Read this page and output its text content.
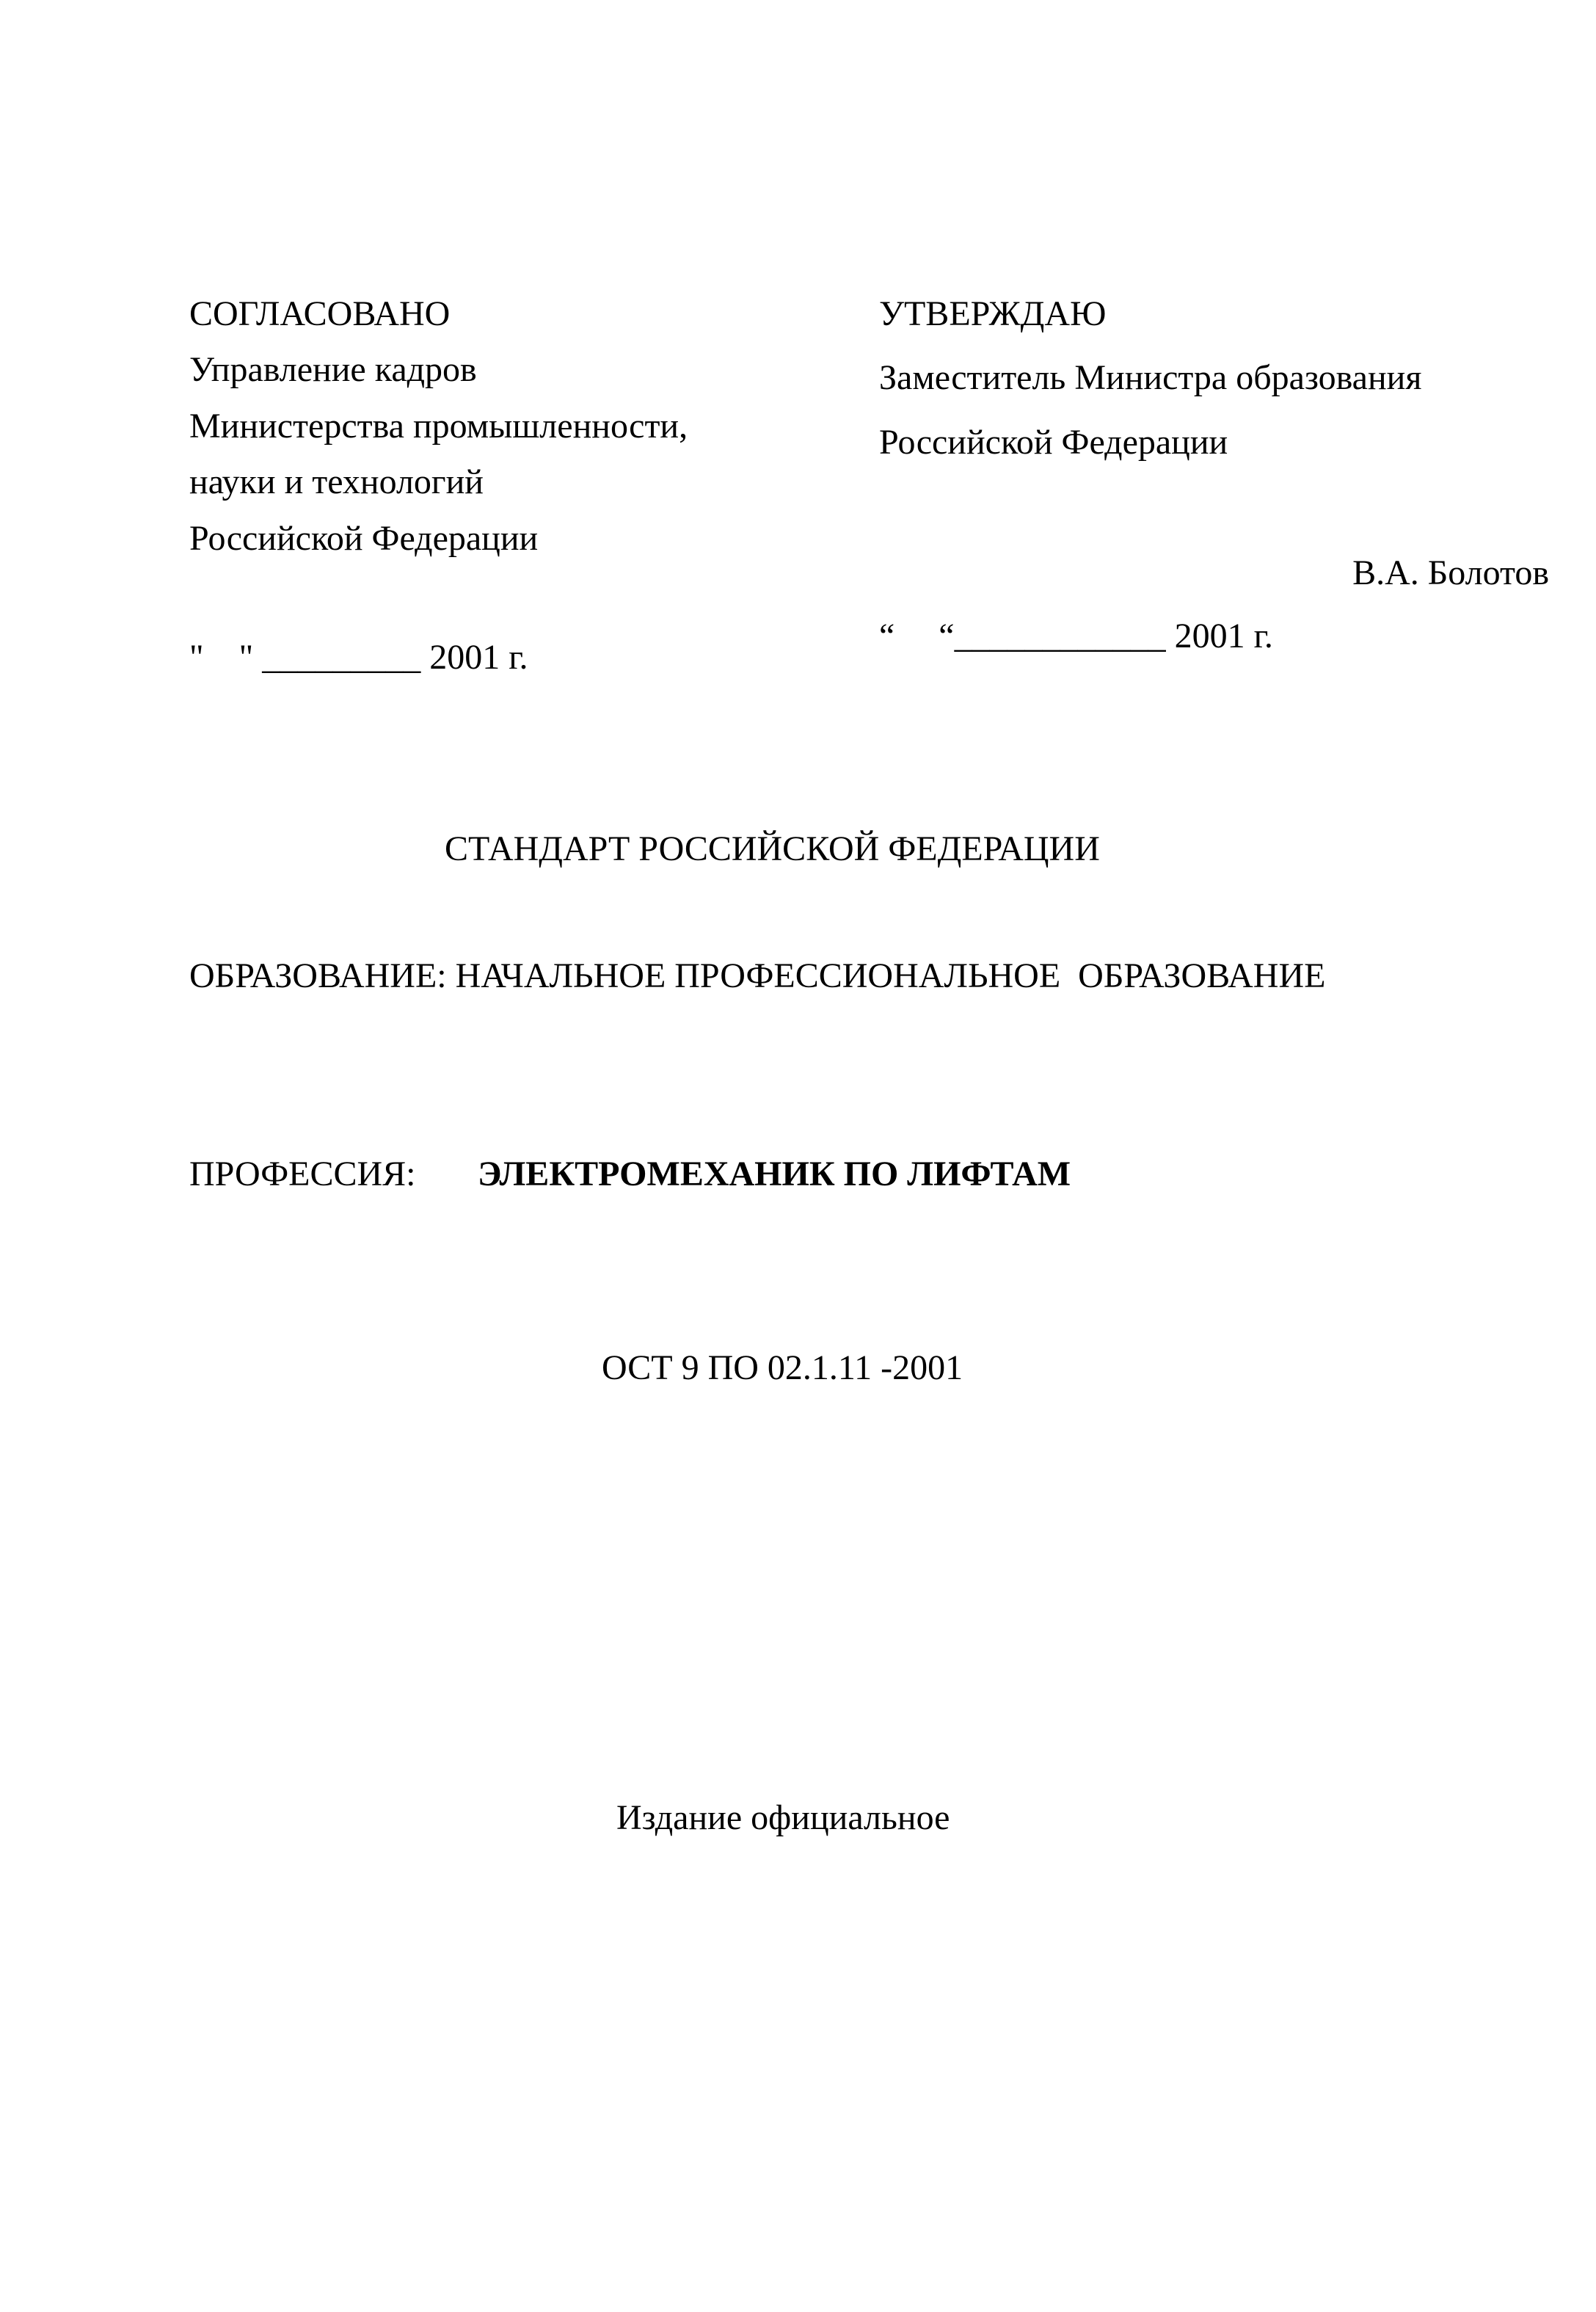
СОГЛАСОВАНО

Управление кадров

Министерства промышленности,

науки и технологий

Российской Федерации

"    " _________ 2001 г.

УТВЕРЖДАЮ

Заместитель Министра образования

Российской Федерации

В.А. Болотов

“     “____________ 2001 г.

СТАНДАРТ РОССИЙСКОЙ ФЕДЕРАЦИИ

ОБРАЗОВАНИЕ: НАЧАЛЬНОЕ ПРОФЕССИОНАЛЬНОЕ  ОБРАЗОВАНИЕ

ПРОФЕССИЯ: ЭЛЕКТРОМЕХАНИК ПО ЛИФТАМ

ОСТ 9 ПО 02.1.11 -2001

Издание официальное
